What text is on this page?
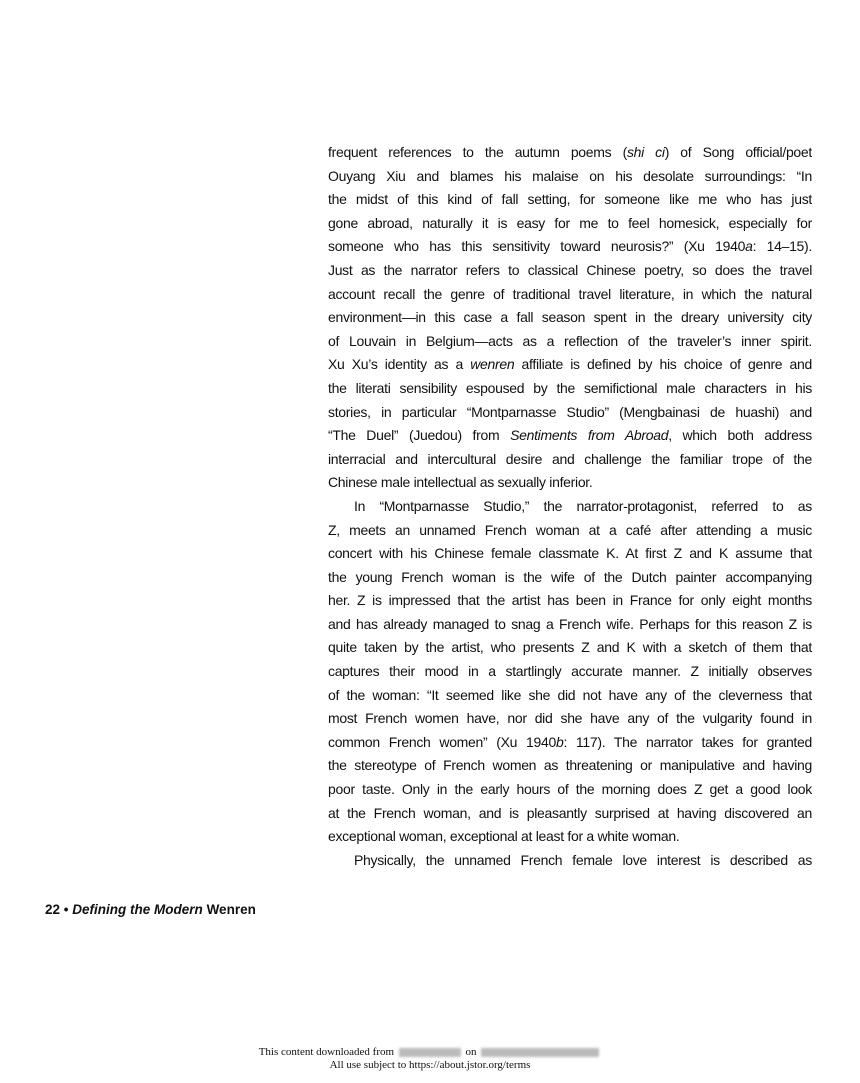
frequent references to the autumn poems (shi ci) of Song official/poet
Ouyang Xiu and blames his malaise on his desolate surroundings: “In
the midst of this kind of fall setting, for someone like me who has just
gone abroad, naturally it is easy for me to feel homesick, especially for
someone who has this sensitivity toward neurosis?” (Xu 1940a: 14–15).
Just as the narrator refers to classical Chinese poetry, so does the travel
account recall the genre of traditional travel literature, in which the natural
environment—in this case a fall season spent in the dreary university city
of Louvain in Belgium—acts as a reflection of the traveler’s inner spirit.
Xu Xu’s identity as a wenren affiliate is defined by his choice of genre and
the literati sensibility espoused by the semifictional male characters in his
stories, in particular “Montparnasse Studio” (Mengbainasi de huashi) and
“The Duel” (Juedou) from Sentiments from Abroad, which both address
interracial and intercultural desire and challenge the familiar trope of the
Chinese male intellectual as sexually inferior.
In “Montparnasse Studio,” the narrator-protagonist, referred to as
Z, meets an unnamed French woman at a café after attending a music
concert with his Chinese female classmate K. At first Z and K assume that
the young French woman is the wife of the Dutch painter accompanying
her. Z is impressed that the artist has been in France for only eight months
and has already managed to snag a French wife. Perhaps for this reason Z is
quite taken by the artist, who presents Z and K with a sketch of them that
captures their mood in a startlingly accurate manner. Z initially observes
of the woman: “It seemed like she did not have any of the cleverness that
most French women have, nor did she have any of the vulgarity found in
common French women” (Xu 1940b: 117). The narrator takes for granted
the stereotype of French women as threatening or manipulative and having
poor taste. Only in the early hours of the morning does Z get a good look
at the French woman, and is pleasantly surprised at having discovered an
exceptional woman, exceptional at least for a white woman.
Physically, the unnamed French female love interest is described as
22 • Defining the Modern Wenren
This content downloaded from	on
All use subject to https://about.jstor.org/terms
